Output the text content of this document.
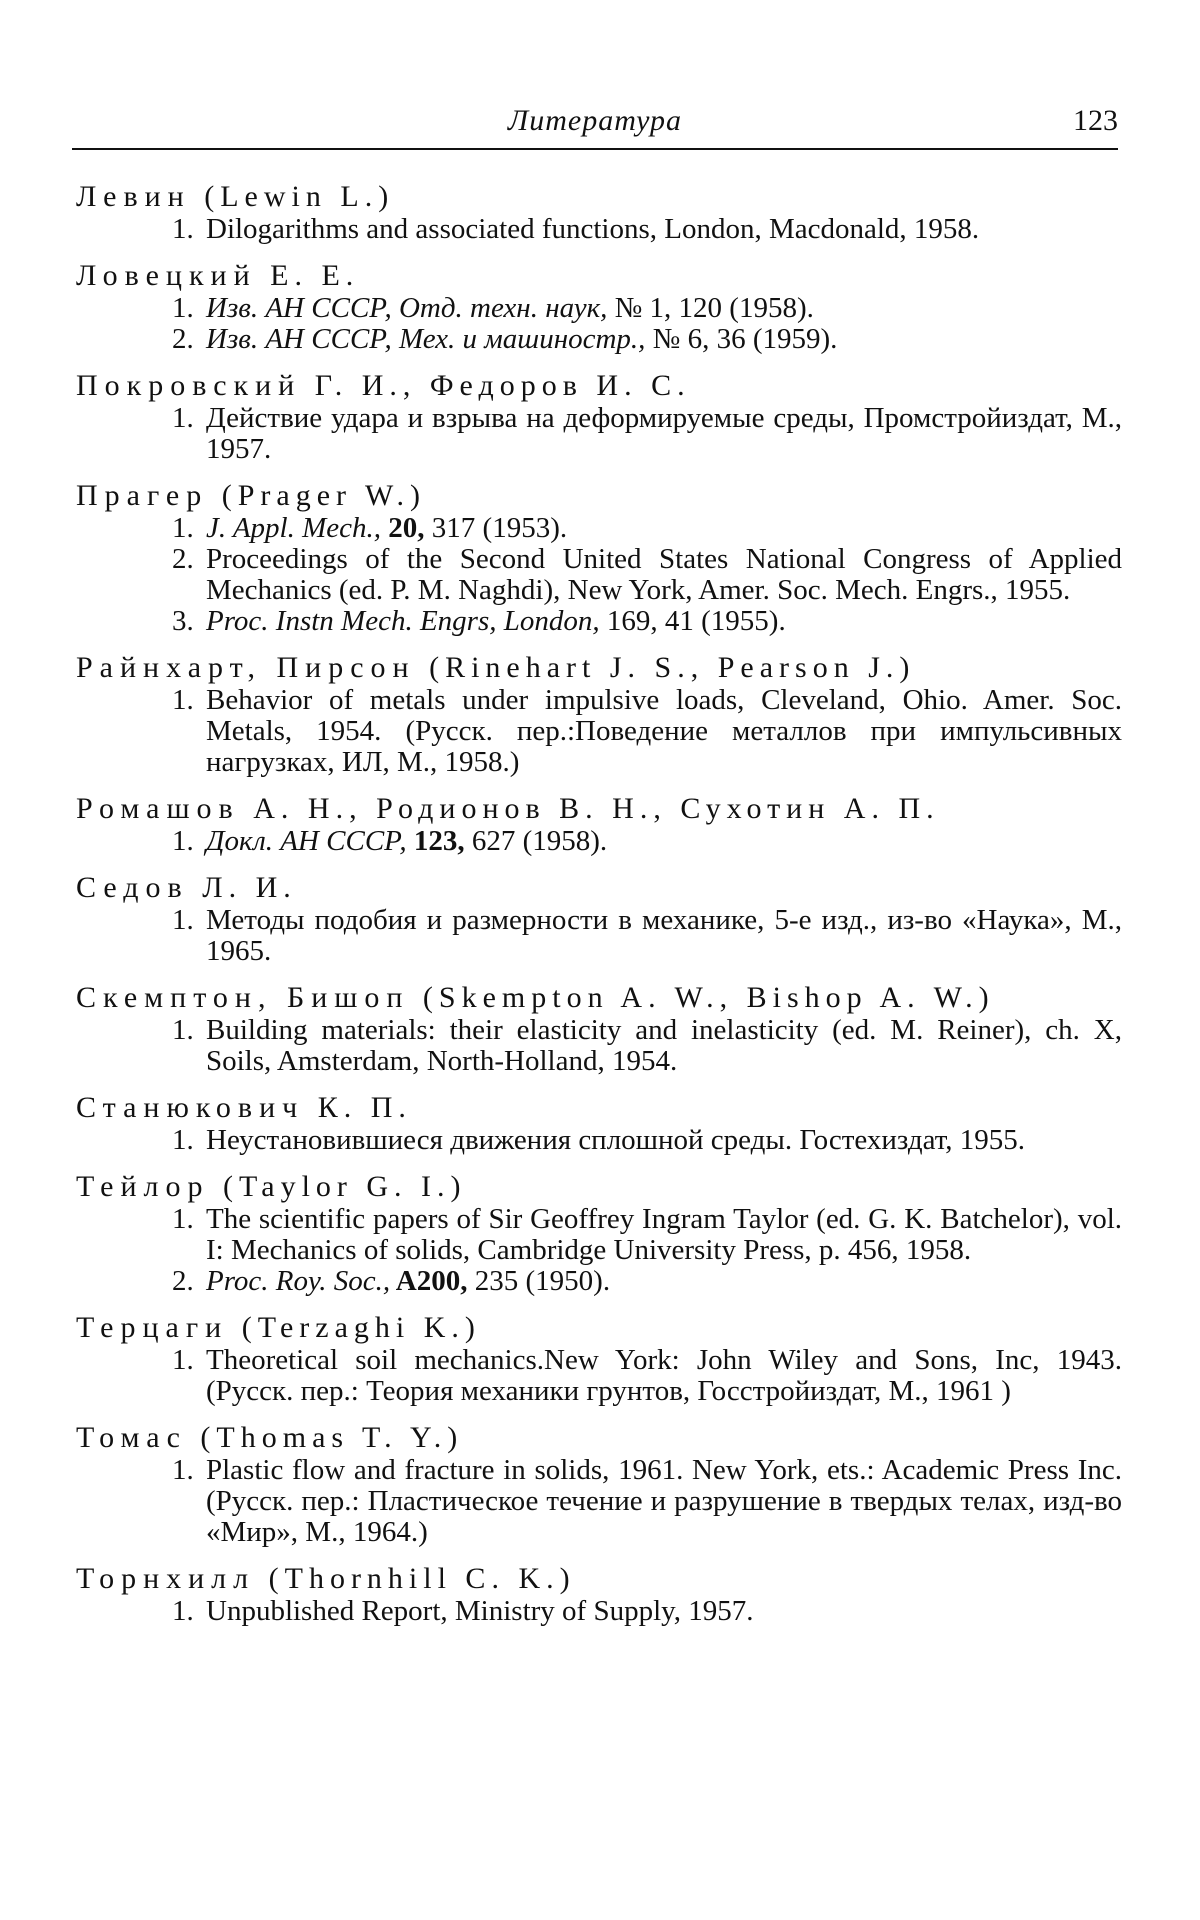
Литература	123
Левин (Lewin L.)
1. Dilogarithms and associated functions, London, Macdonald, 1958.
Ловецкий Е. Е.
1. Изв. АН СССР, Отд. техн. наук, № 1, 120 (1958).
2. Изв. АН СССР, Мех. и машиностр., № 6, 36 (1959).
Покровский Г. И., Федоров И. С.
1. Действие удара и взрыва на деформируемые среды, Промстройиздат, М., 1957.
Прагер (Prager W.)
1. J. Appl. Mech., 20, 317 (1953).
2. Proceedings of the Second United States National Congress of Applied Mechanics (ed. P. M. Naghdi), New York, Amer. Soc. Mech. Engrs., 1955.
3. Proc. Instn Mech. Engrs, London, 169, 41 (1955).
Райнхарт, Пирсон (Rinehart J. S., Pearson J.)
1. Behavior of metals under impulsive loads, Cleveland, Ohio. Amer. Soc. Metals, 1954. (Русск. пер.:Поведение металлов при импульсивных нагрузках, ИЛ, М., 1958.)
Ромашов А. Н., Родионов В. Н., Сухотин А. П.
1. Докл. АН СССР, 123, 627 (1958).
Седов Л. И.
1. Методы подобия и размерности в механике, 5-е изд., из-во «Наука», М., 1965.
Скемптон, Бишоп (Skempton A. W., Bishop A. W.)
1. Building materials: their elasticity and inelasticity (ed. M. Reiner), ch. X, Soils, Amsterdam, North-Holland, 1954.
Станюкович К. П.
1. Неустановившиеся движения сплошной среды. Гостехиздат, 1955.
Тейлор (Taylor G. I.)
1. The scientific papers of Sir Geoffrey Ingram Taylor (ed. G. K. Batchelor), vol. I: Mechanics of solids, Cambridge University Press, p. 456, 1958.
2. Proc. Roy. Soc., A200, 235 (1950).
Терцаги (Terzaghi K.)
1. Theoretical soil mechanics.New York: John Wiley and Sons, Inc, 1943. (Русск. пер.: Теория механики грунтов, Госстройиздат, М., 1961 )
Томас (Thomas T. Y.)
1. Plastic flow and fracture in solids, 1961. New York, ets.: Academic Press Inc. (Русск. пер.: Пластическое течение и разрушение в твердых телах, изд-во «Мир», М., 1964.)
Торнхилл (Thornhill C. K.)
1. Unpublished Report, Ministry of Supply, 1957.
